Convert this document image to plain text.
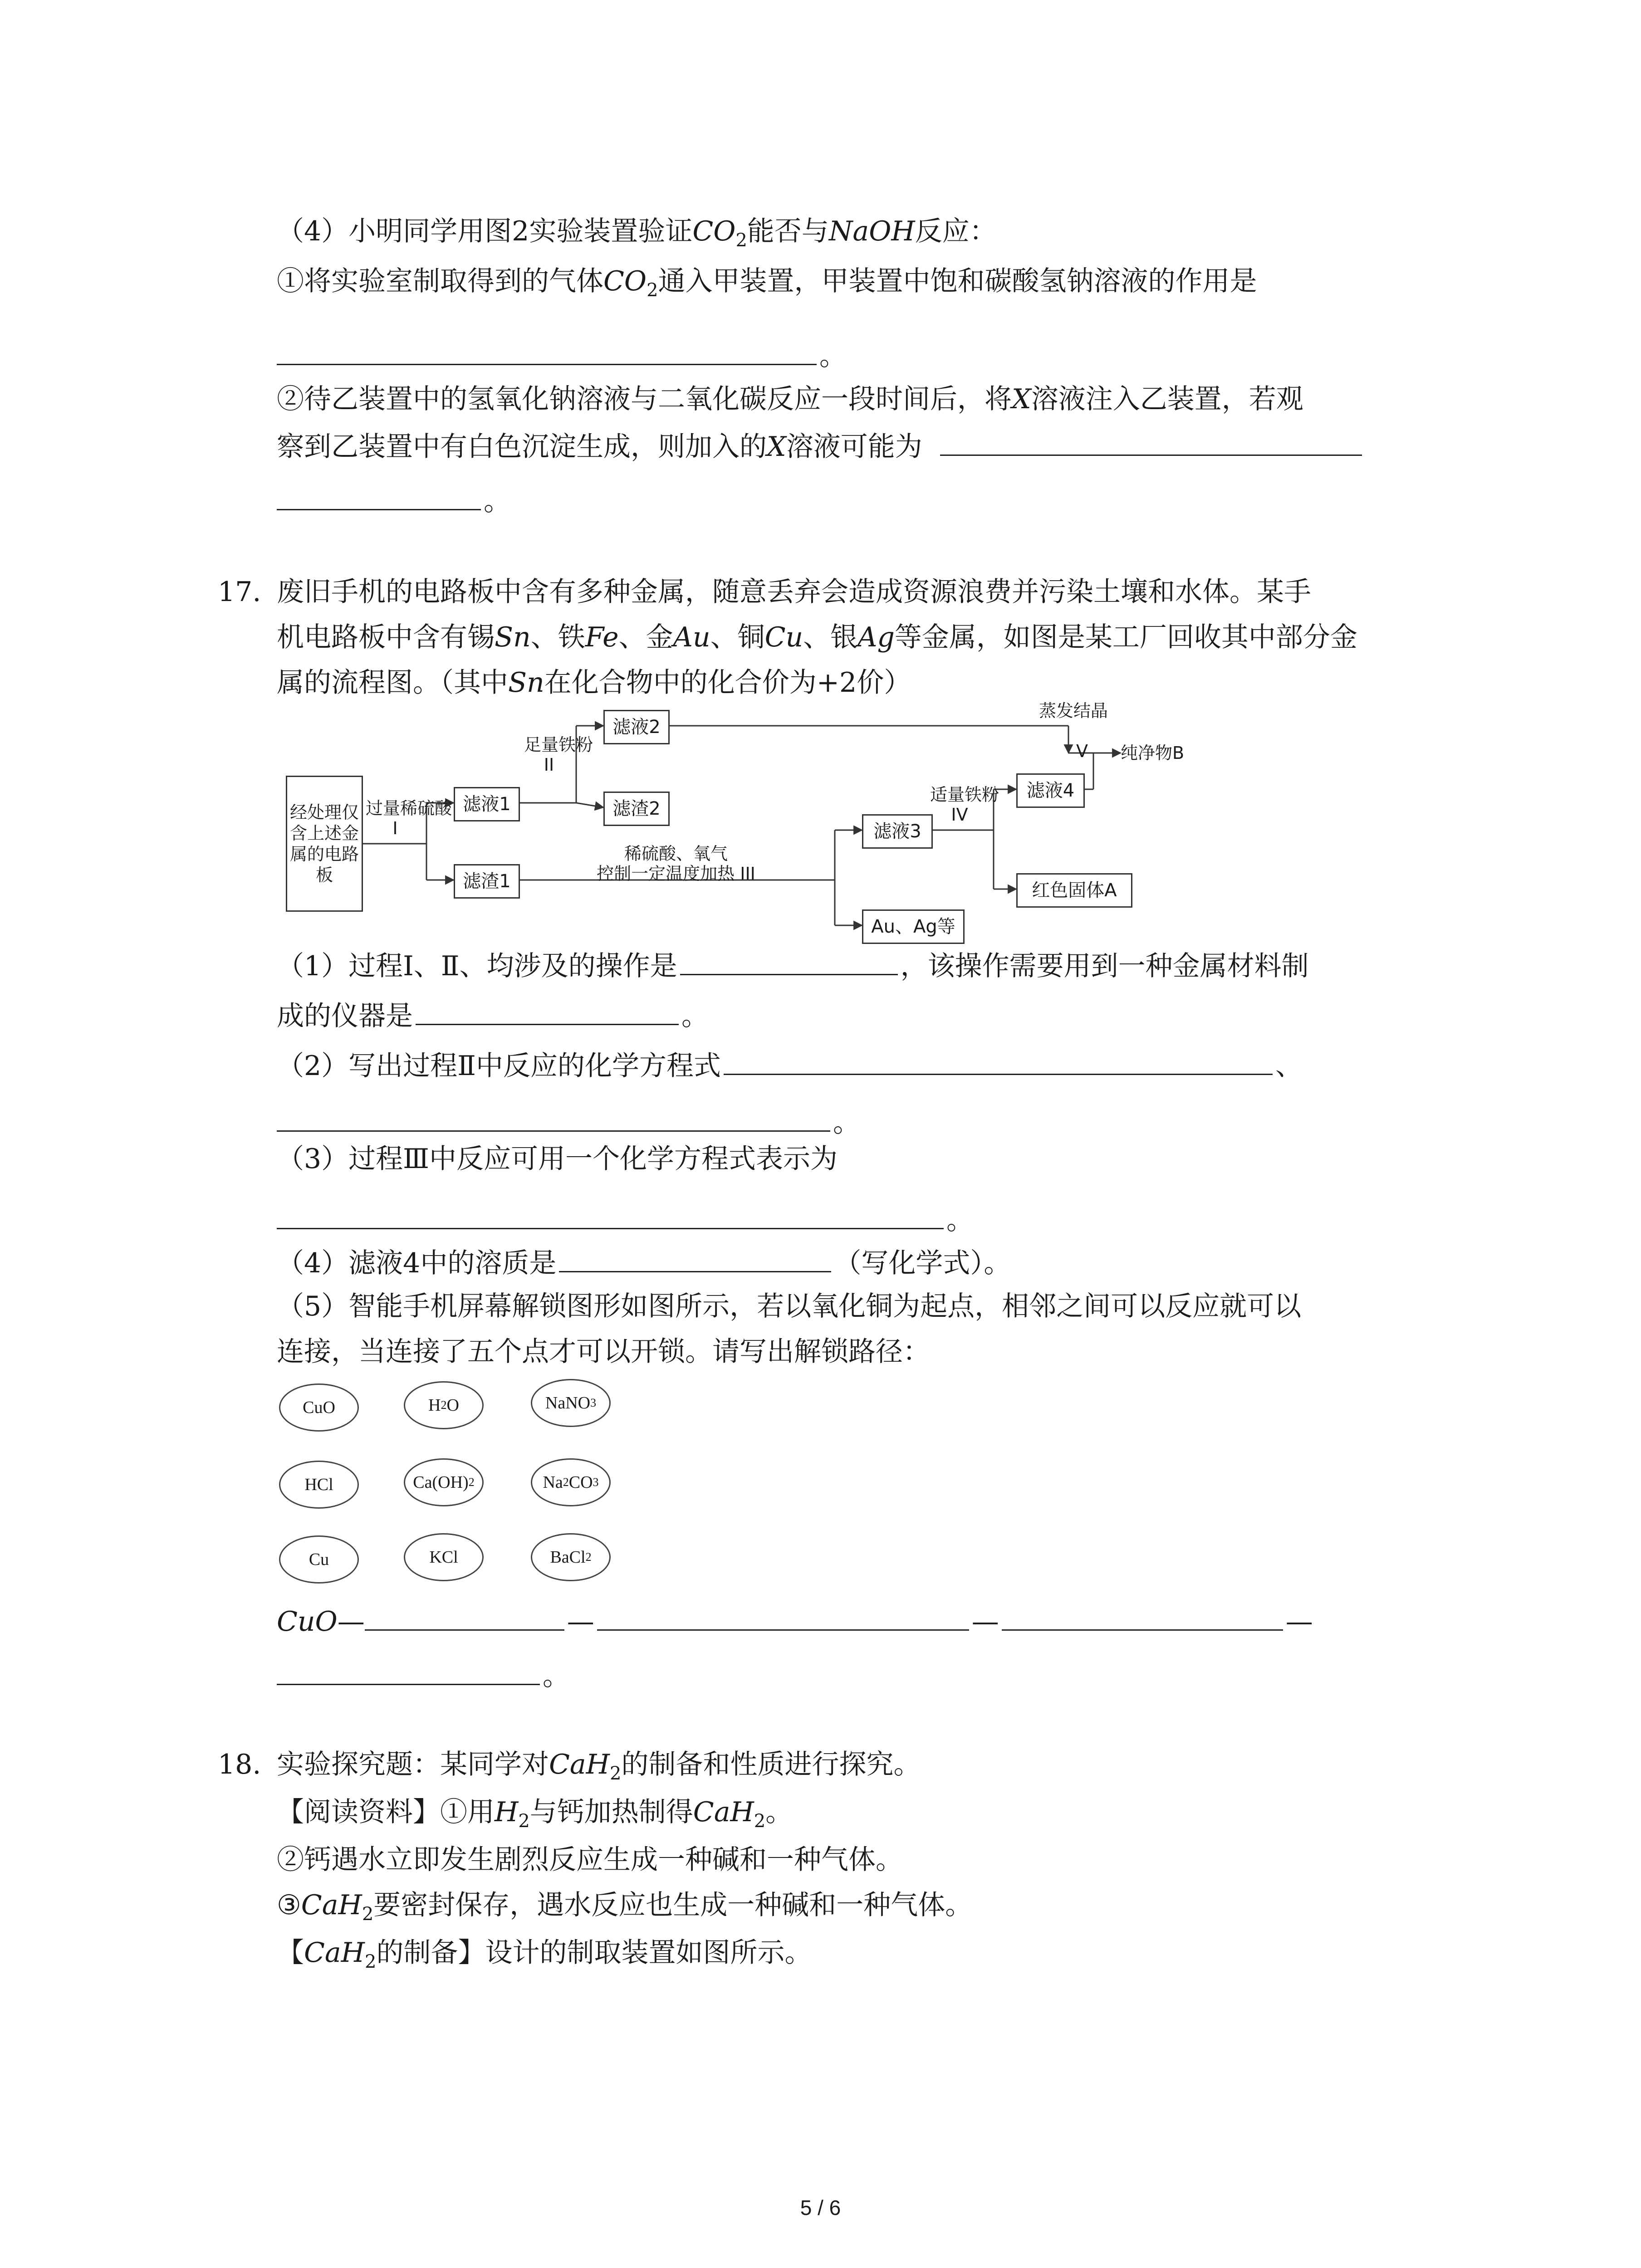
（4）小明同学用图2实验装置验证$CO_2$能否与NaOH反应：
①将实验室制取得到的气体$CO_2$通入甲装置，甲装置中饱和碳酸氢钠溶液的作用是
。
②待乙装置中的氢氧化钠溶液与二氧化碳反应一段时间后，将X溶液注入乙装置，若观
察到乙装置中有白色沉淀生成，则加入的X溶液可能为
。
17. 废旧手机的电路板中含有多种金属，随意丢弃会造成资源浪费并污染土壤和水体。某手
机电路板中含有锡Sn、铁Fe、金Au、铜Cu、银Ag等金属，如图是某工厂回收其中部分金
属的流程图。（其中Sn在化合物中的化合价为+2价）
经处理仅含上述金属的电路板
过量稀硫酸
I
滤液1
滤渣1
足量铁粉
II
滤液2
滤渣2
蒸发结晶
V 纯净物B
稀硫酸、氧气
控制一定温度加热 III
滤液3
Au、Ag等
适量铁粉
IV
滤液4
红色固体A
（1）过程Ⅰ、Ⅱ、均涉及的操作是	，该操作需要用到一种金属材料制
成的仪器是	。
（2）写出过程Ⅱ中反应的化学方程式	、
。
（3）过程Ⅲ中反应可用一个化学方程式表示为
。
（4）滤液4中的溶质是	（写化学式）。
（5）智能手机屏幕解锁图形如图所示，若以氧化铜为起点，相邻之间可以反应就可以
连接，当连接了五个点才可以开锁。请写出解锁路径：
CuO	H 2 O	NaNO 3
HCl	Ca(OH) 2	Na 2 CO 3
Cu	KCl	BaCl 2
CuO—	—	—	—
。
18. 实验探究题：某同学对CaH$_2$的制备和性质进行探究。
【阅读资料】①用$H_2$与钙加热制得CaH$_2$。
②钙遇水立即发生剧烈反应生成一种碱和一种气体。
③CaH$_2$要密封保存，遇水反应也生成一种碱和一种气体。
【CaH$_2$的制备】设计的制取装置如图所示。
5 / 6
